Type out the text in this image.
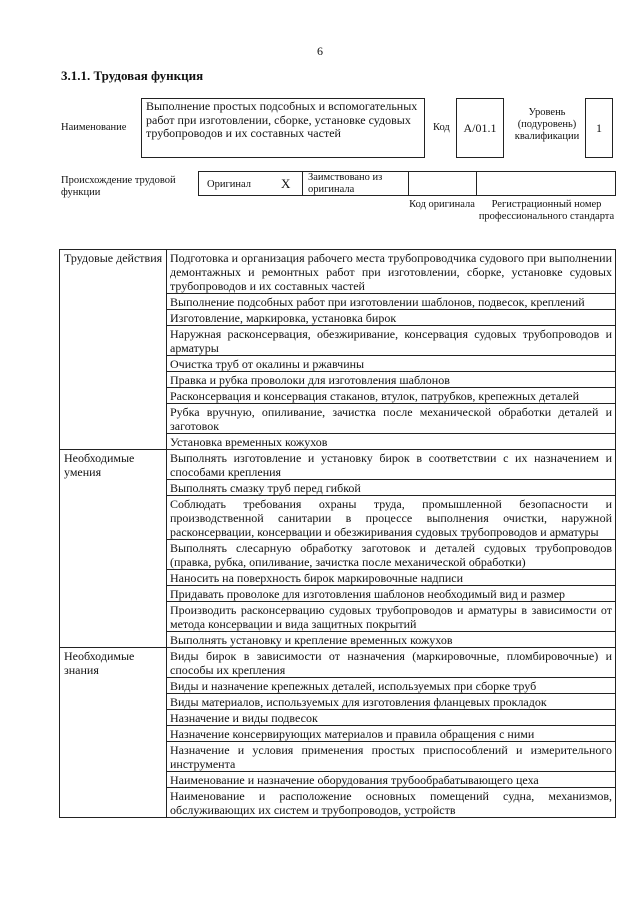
6
3.1.1. Трудовая функция
Наименование
Выполнение простых подсобных и вспомогательных работ при изготовлении, сборке, установке судовых трубопроводов и их составных частей	Код	A/01.1
Уровень (подуровень) квалификации
1
Происхождение трудовой функции
Оригинал X Заимствовано из оригинала
Код оригинала	Регистрационный номер профессионального стандарта
Трудовые действия	Подготовка и организация рабочего места трубопроводчика судового при выполнении демонтажных и ремонтных работ при изготовлении, сборке, установке судовых трубопроводов и их составных частей
	Выполнение подсобных работ при изготовлении шаблонов, подвесок, креплений
	Изготовление, маркировка, установка бирок
	Наружная расконсервация, обезжиривание, консервация судовых трубопроводов и арматуры
	Очистка труб от окалины и ржавчины
	Правка и рубка проволоки для изготовления шаблонов
	Расконсервация и консервация стаканов, втулок, патрубков, крепежных деталей
	Рубка вручную, опиливание, зачистка после механической обработки деталей и заготовок
	Установка временных кожухов
Необходимые умения	Выполнять изготовление и установку бирок в соответствии с их назначением и способами крепления
	Выполнять смазку труб перед гибкой
	Соблюдать требования охраны труда, промышленной безопасности и производственной санитарии в процессе выполнения очистки, наружной расконсервации, консервации и обезжиривания судовых трубопроводов и арматуры
	Выполнять слесарную обработку заготовок и деталей судовых трубопроводов (правка, рубка, опиливание, зачистка после механической обработки)
	Наносить на поверхность бирок маркировочные надписи
	Придавать проволоке для изготовления шаблонов необходимый вид и размер
	Производить расконсервацию судовых трубопроводов и арматуры в зависимости от метода консервации и вида защитных покрытий
	Выполнять установку и крепление временных кожухов
Необходимые знания	Виды бирок в зависимости от назначения (маркировочные, пломбировочные) и способы их крепления
	Виды и назначение крепежных деталей, используемых при сборке труб
	Виды материалов, используемых для изготовления фланцевых прокладок
	Назначение и виды подвесок
	Назначение консервирующих материалов и правила обращения с ними
	Назначение и условия применения простых приспособлений и измерительного инструмента
	Наименование и назначение оборудования трубообрабатывающего цеха
	Наименование и расположение основных помещений судна, механизмов, обслуживающих их систем и трубопроводов, устройств
